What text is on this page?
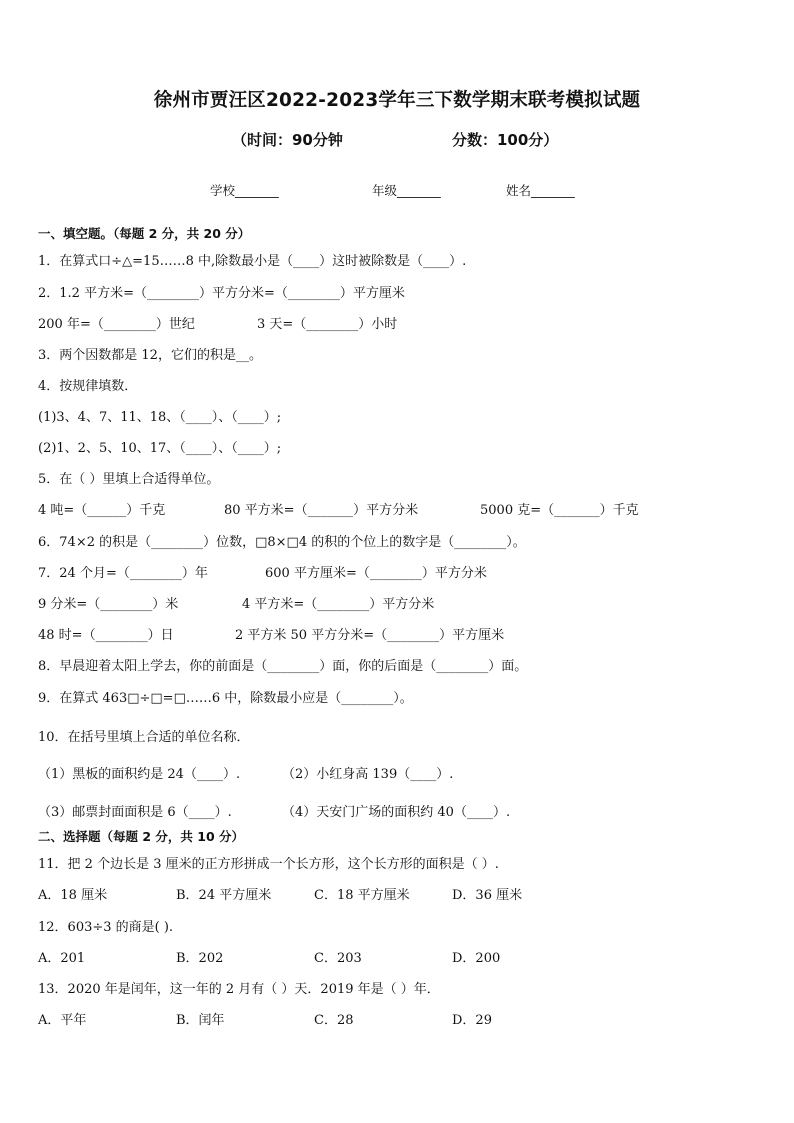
徐州市贾汪区2022-2023学年三下数学期末联考模拟试题
（时间：90分钟	分数：100分）
学校_______	年级_______	姓名_______
一、填空题。（每题 2 分，共 20 分）
1．在算式口÷△=15……8 中,除数最小是（____）这时被除数是（____）.
2．1.2 平方米=（________）平方分米=（________）平方厘米
200 年=（________）世纪	3 天=（________）小时
3．两个因数都是 12，它们的积是__。
4．按规律填数．
(1)3、4、7、11、18、（____）、（____）;
(2)1、2、5、10、17、（____）、（____）;
5．在（ ）里填上合适得单位。
4 吨=（______）千克	80 平方米=（_______）平方分米	5000 克=（_______）千克
6．74×2 的积是（________）位数，□8×□4 的积的个位上的数字是（________）。
7．24 个月=（________）年	600 平方厘米=（________）平方分米
9 分米=（________）米	4 平方米=（________）平方分米
48 时=（________）日	2 平方米 50 平方分米=（________）平方厘米
8．早晨迎着太阳上学去，你的前面是（________）面，你的后面是（________）面。
9．在算式 463□÷□=□……6 中，除数最小应是（________）。
10．在括号里填上合适的单位名称．
（1）黑板的面积约是 24（____）.	（2）小红身高 139（____）.
（3）邮票封面面积是 6（____）.	（4）天安门广场的面积约 40（____）.
二、选择题（每题 2 分，共 10 分）
11．把 2 个边长是 3 厘米的正方形拼成一个长方形，这个长方形的面积是（ ）.
A．18 厘米	B．24 平方厘米	C．18 平方厘米	D．36 厘米
12．603÷3 的商是( ).
A．201	B．202	C．203	D．200
13．2020 年是闰年，这一年的 2 月有（ ）天．2019 年是（ ）年．
A．平年	B．闰年	C．28	D．29
